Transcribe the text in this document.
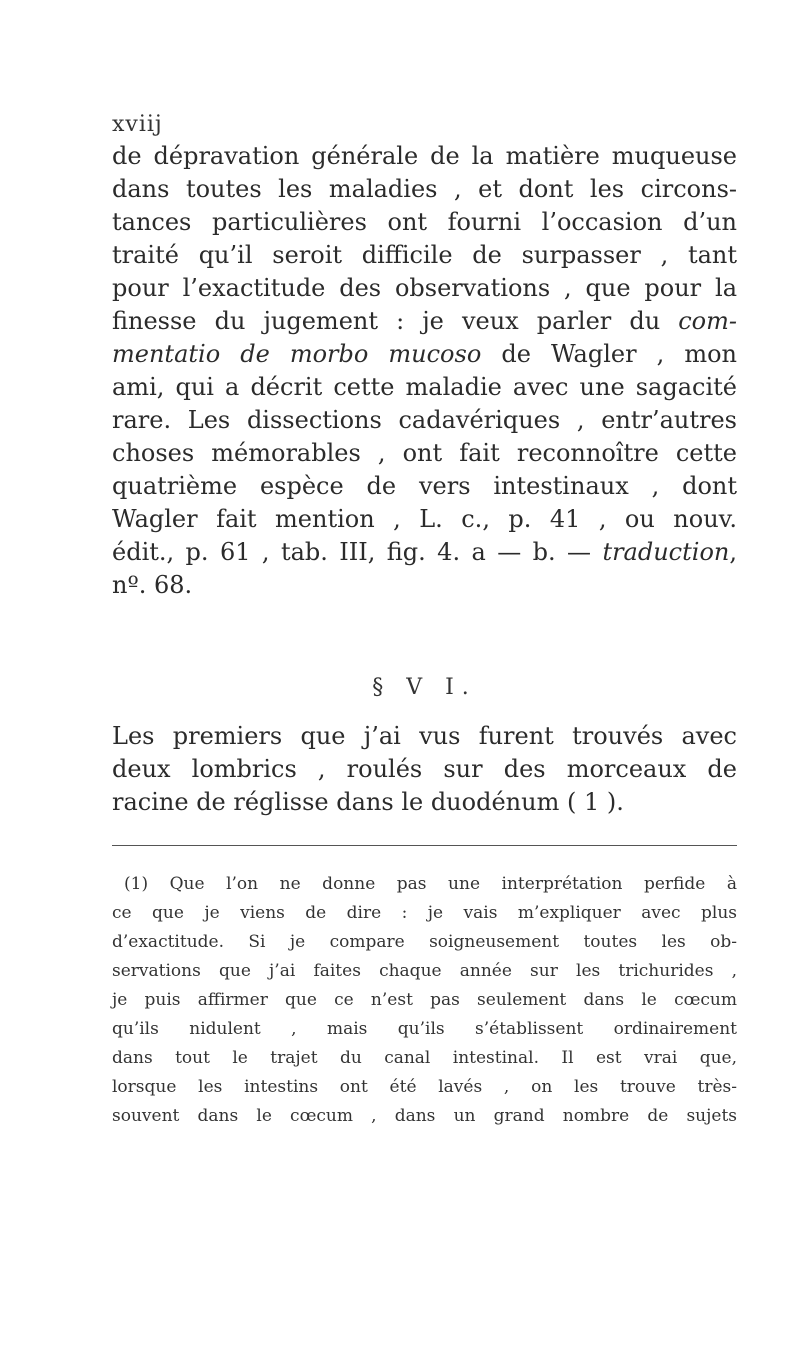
xviij
de dépravation générale de la matière muqueuse
dans toutes les maladies , et dont les circons-
tances particulières ont fourni l’occasion d’un
traité qu’il seroit difficile de surpasser , tant
pour l’exactitude des observations , que pour la
finesse du jugement : je veux parler du com-
mentatio de morbo mucoso de Wagler , mon
ami, qui a décrit cette maladie avec une sagacité
rare. Les dissections cadavériques , entr’autres
choses mémorables , ont fait reconnoître cette
quatrième espèce de vers intestinaux , dont
Wagler fait mention , L. c., p. 41 , ou nouv.
édit., p. 61 , tab. III, fig. 4. a — b. — traduction,
nº. 68.
§ V I.
Les premiers que j’ai vus furent trouvés avec
deux lombrics , roulés sur des morceaux de
racine de réglisse dans le duodénum ( 1 ).
(1) Que l’on ne donne pas une interprétation perfide à
ce que je viens de dire : je vais m’expliquer avec plus
d’exactitude. Si je compare soigneusement toutes les ob-
servations que j’ai faites chaque année sur les trichurides ,
je puis affirmer que ce n’est pas seulement dans le cœcum
qu’ils nidulent , mais qu’ils s’établissent ordinairement
dans tout le trajet du canal intestinal. Il est vrai que,
lorsque les intestins ont été lavés , on les trouve très-
souvent dans le cœcum , dans un grand nombre de sujets
